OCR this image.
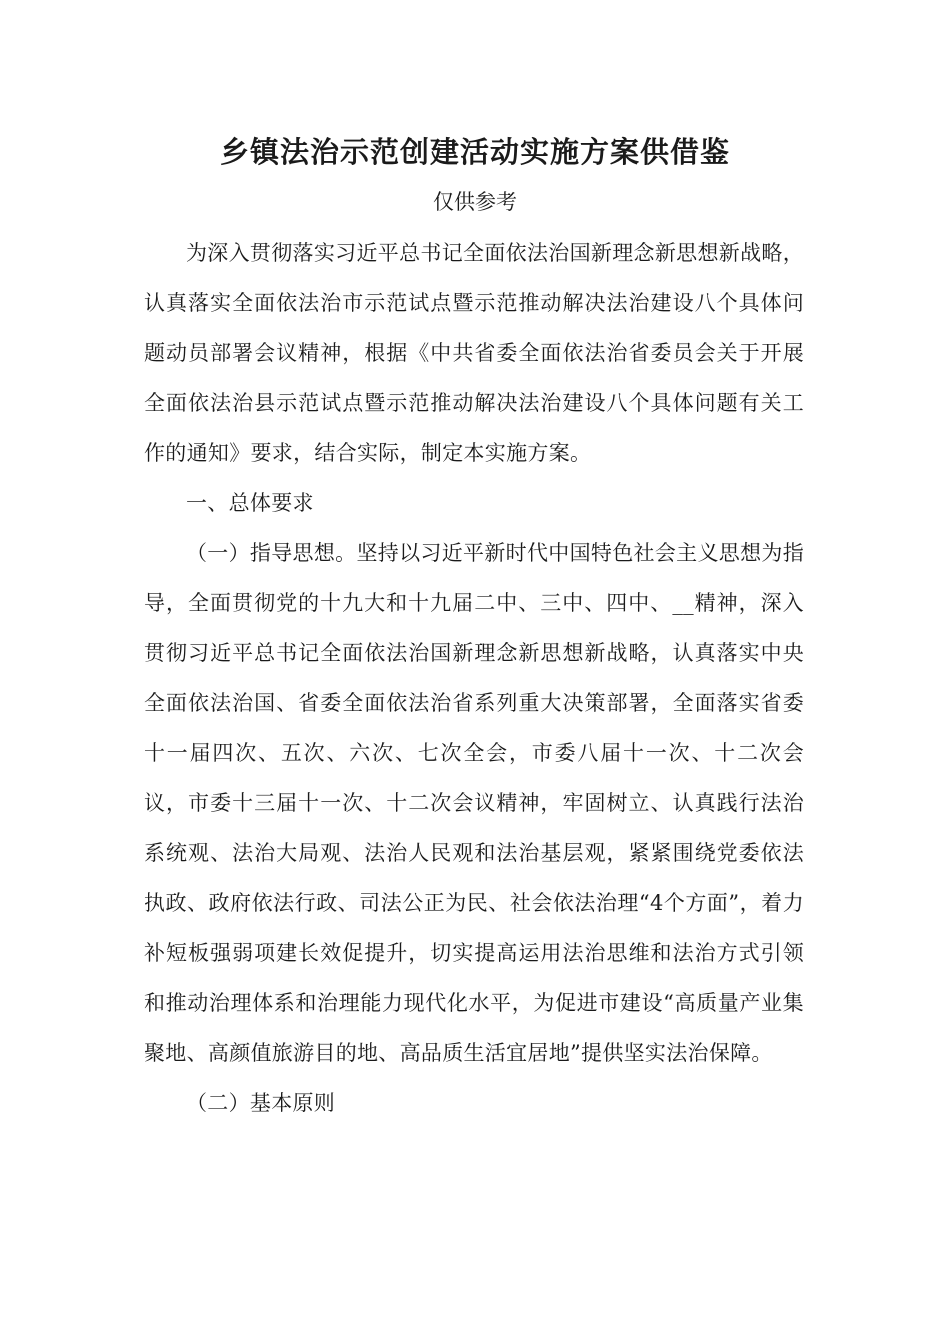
乡镇法治示范创建活动实施方案供借鉴
仅供参考

为深入贯彻落实习近平总书记全面依法治国新理念新思想新战略，认真落实全面依法治市示范试点暨示范推动解决法治建设八个具体问题动员部署会议精神，根据《中共省委全面依法治省委员会关于开展全面依法治县示范试点暨示范推动解决法治建设八个具体问题有关工作的通知》要求，结合实际，制定本实施方案。

一、总体要求

（一）指导思想。坚持以习近平新时代中国特色社会主义思想为指导，全面贯彻党的十九大和十九届二中、三中、四中、__精神，深入贯彻习近平总书记全面依法治国新理念新思想新战略，认真落实中央全面依法治国、省委全面依法治省系列重大决策部署，全面落实省委十一届四次、五次、六次、七次全会，市委八届十一次、十二次会议，市委十三届十一次、十二次会议精神，牢固树立、认真践行法治系统观、法治大局观、法治人民观和法治基层观，紧紧围绕党委依法执政、政府依法行政、司法公正为民、社会依法治理“4个方面”，着力补短板强弱项建长效促提升，切实提高运用法治思维和法治方式引领和推动治理体系和治理能力现代化水平，为促进市建设“高质量产业集聚地、高颜值旅游目的地、高品质生活宜居地”提供坚实法治保障。

（二）基本原则
